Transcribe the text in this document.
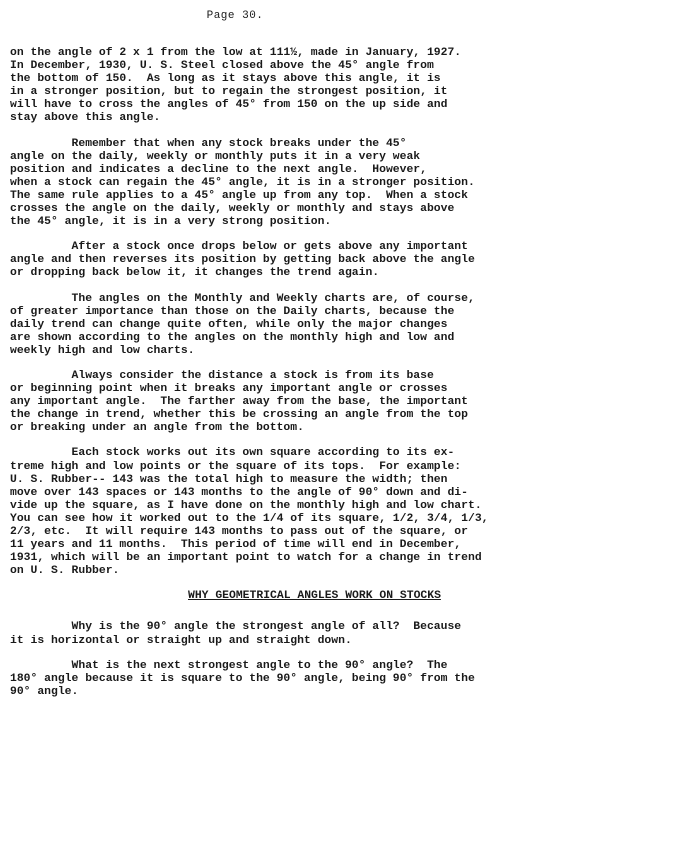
Page 30.

on the angle of 2 x 1 from the low at 111½, made in January, 1927.
In December, 1930, U. S. Steel closed above the 45° angle from
the bottom of 150.  As long as it stays above this angle, it is
in a stronger position, but to regain the strongest position, it
will have to cross the angles of 45° from 150 on the up side and
stay above this angle.

Remember that when any stock breaks under the 45°
angle on the daily, weekly or monthly puts it in a very weak
position and indicates a decline to the next angle.  However,
when a stock can regain the 45° angle, it is in a stronger position.
The same rule applies to a 45° angle up from any top.  When a stock
crosses the angle on the daily, weekly or monthly and stays above
the 45° angle, it is in a very strong position.

After a stock once drops below or gets above any important
angle and then reverses its position by getting back above the angle
or dropping back below it, it changes the trend again.

The angles on the Monthly and Weekly charts are, of course,
of greater importance than those on the Daily charts, because the
daily trend can change quite often, while only the major changes
are shown according to the angles on the monthly high and low and
weekly high and low charts.

Always consider the distance a stock is from its base
or beginning point when it breaks any important angle or crosses
any important angle.  The farther away from the base, the important
the change in trend, whether this be crossing an angle from the top
or breaking under an angle from the bottom.

Each stock works out its own square according to its ex-
treme high and low points or the square of its tops.  For example:
U. S. Rubber-- 143 was the total high to measure the width; then
move over 143 spaces or 143 months to the angle of 90° down and di-
vide up the square, as I have done on the monthly high and low chart.
You can see how it worked out to the 1/4 of its square, 1/2, 3/4, 1/3,
2/3, etc.  It will require 143 months to pass out of the square, or
11 years and 11 months.  This period of time will end in December,
1931, which will be an important point to watch for a change in trend
on U. S. Rubber.

WHY GEOMETRICAL ANGLES WORK ON STOCKS

Why is the 90° angle the strongest angle of all?  Because
it is horizontal or straight up and straight down.

What is the next strongest angle to the 90° angle?  The
180° angle because it is square to the 90° angle, being 90° from the
90° angle.
